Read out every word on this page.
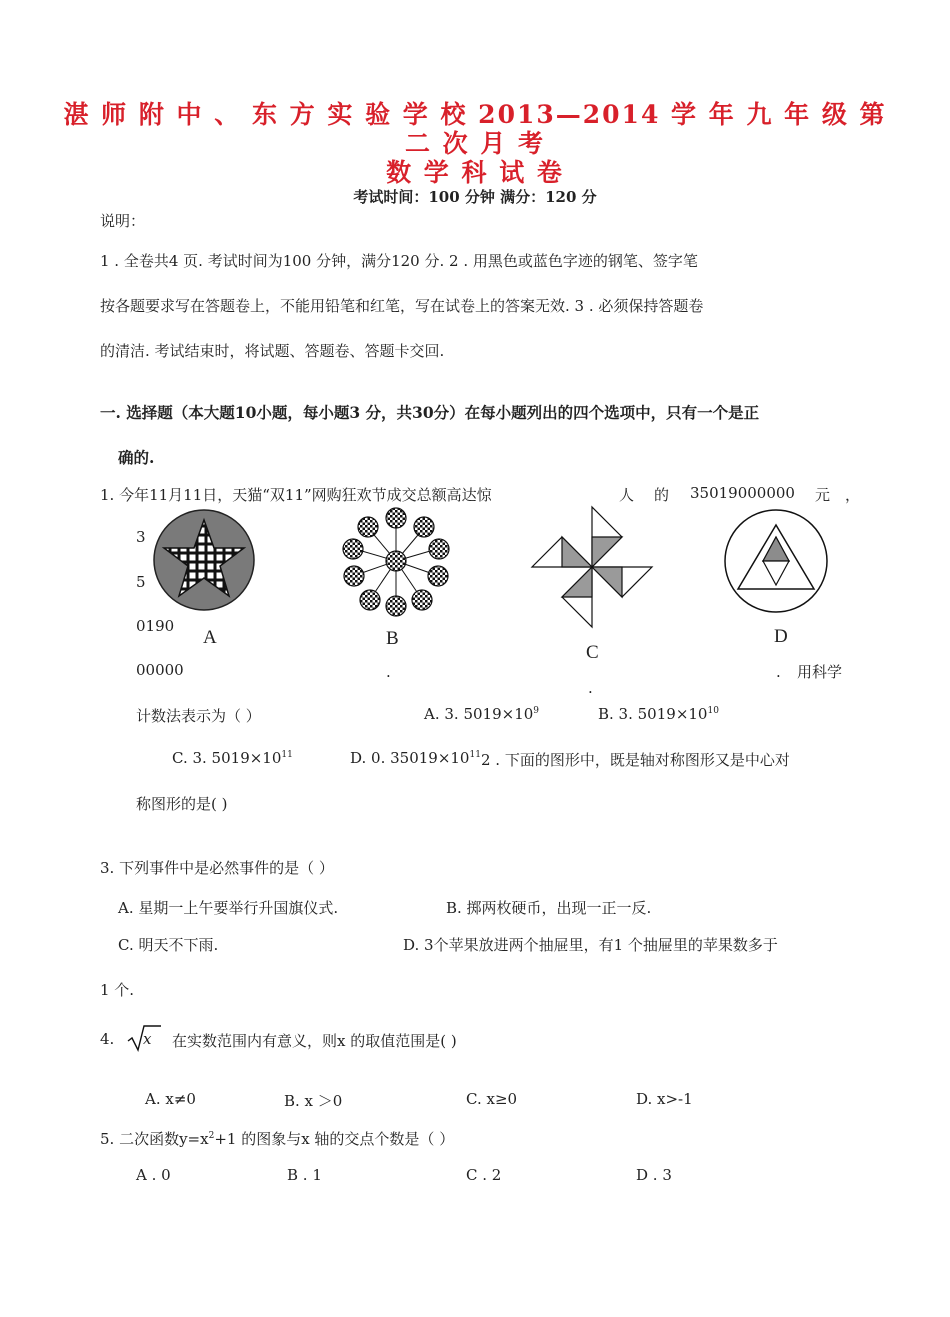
湛 师 附 中 、 东 方 实 验 学 校 2013—2014 学 年 九 年 级 第
二 次 月 考
数 学 科 试 卷
考试时间：100 分钟 满分：120 分
说明：
1 . 全卷共4 页. 考试时间为100 分钟，满分120 分. 2 . 用黑色或蓝色字迹的钢笔、签字笔
按各题要求写在答题卷上，不能用铅笔和红笔，写在试卷上的答案无效. 3 . 必须保持答题卷
的清洁. 考试结束时，将试题、答题卷、答题卡交回.
一. 选择题（本大题10小题，每小题3 分，共30分）在每小题列出的四个选项中，只有一个是正
确的.
1. 今年11月11日，天猫“双11”网购狂欢节成交总额高达惊	人 的 35019000000 元 ，
3
5
0190
00000	用科学
计数法表示为（ ）	A. 3. $5019\times 10^9$	B. 3. $5019\times 10^{10}$
C. 3. $5019\times 10^{11}$	D. 0. $35019\times 10^{11}$ 2 . 下面的图形中，既是轴对称图形又是中心对
称图形的是( )
A	B
C
D
.
.
.
3. 下列事件中是必然事件的是（ ）
A. 星期一上午要举行升国旗仪式.	B. 掷两枚硬币，出现一正一反.
C. 明天不下雨.	D. 3个苹果放进两个抽屉里，有1 个抽屉里的苹果数多于
1 个.
4. x 在实数范围内有意义，则x 的取值范围是( )
A. x≠0	B. x ＞0	C. x≥0	D. x>-1
5. 二次函数$y=x^2+1$ 的图象与x 轴的交点个数是（ ）
A . 0	B . 1	C . 2	D . 3
